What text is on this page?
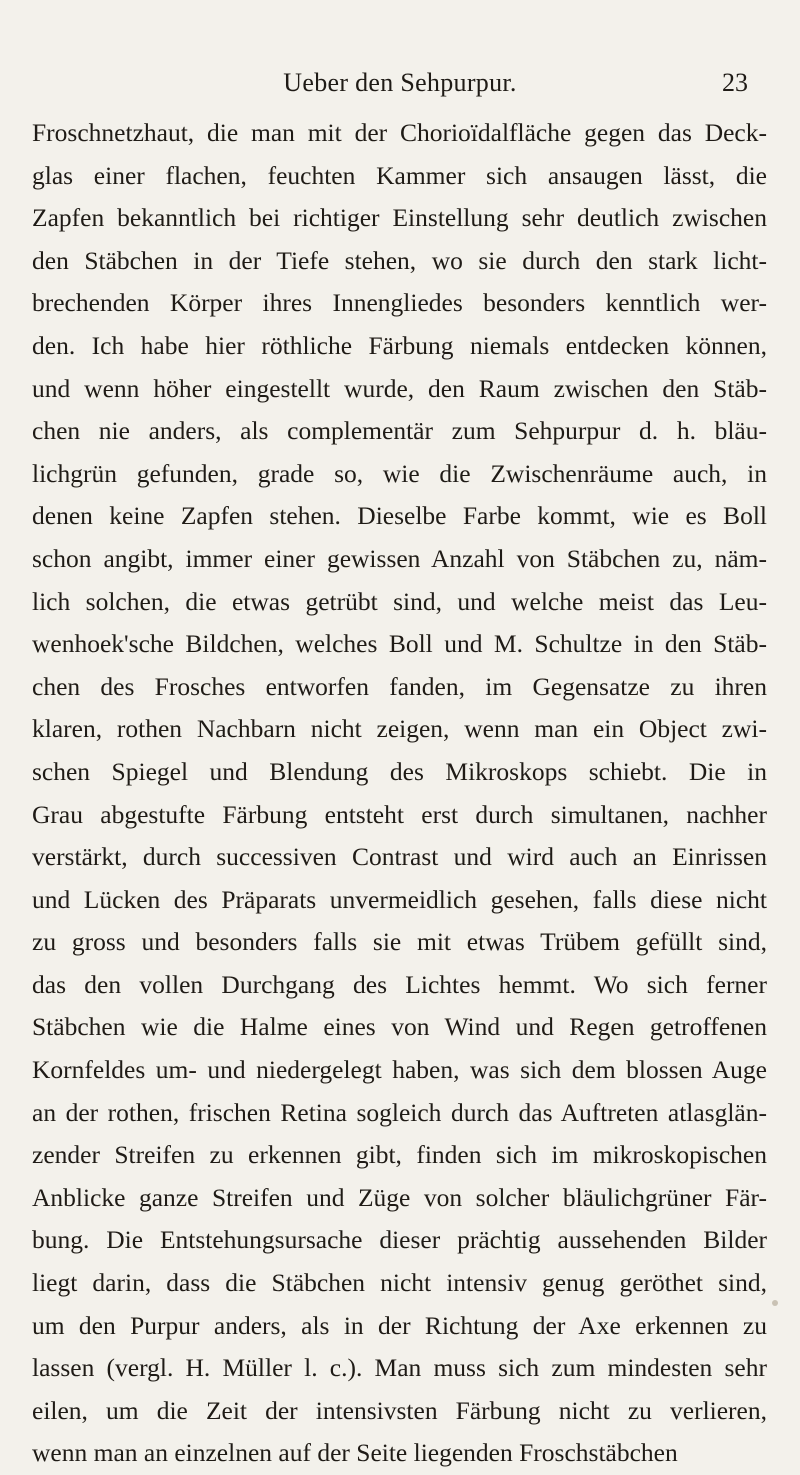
Ueber den Sehpurpur.	23
Froschnetzhaut, die man mit der Chorioïdalfläche gegen das Deck-
glas einer flachen, feuchten Kammer sich ansaugen lässt, die
Zapfen bekanntlich bei richtiger Einstellung sehr deutlich zwischen
den Stäbchen in der Tiefe stehen, wo sie durch den stark licht-
brechenden Körper ihres Innengliedes besonders kenntlich wer-
den. Ich habe hier röthliche Färbung niemals entdecken können,
und wenn höher eingestellt wurde, den Raum zwischen den Stäb-
chen nie anders, als complementär zum Sehpurpur d. h. bläu-
lichgrün gefunden, grade so, wie die Zwischenräume auch, in
denen keine Zapfen stehen. Dieselbe Farbe kommt, wie es Boll
schon angibt, immer einer gewissen Anzahl von Stäbchen zu, näm-
lich solchen, die etwas getrübt sind, und welche meist das Leu-
wenhoek'sche Bildchen, welches Boll und M. Schultze in den Stäb-
chen des Frosches entworfen fanden, im Gegensatze zu ihren
klaren, rothen Nachbarn nicht zeigen, wenn man ein Object zwi-
schen Spiegel und Blendung des Mikroskops schiebt. Die in
Grau abgestufte Färbung entsteht erst durch simultanen, nachher
verstärkt, durch successiven Contrast und wird auch an Einrissen
und Lücken des Präparats unvermeidlich gesehen, falls diese nicht
zu gross und besonders falls sie mit etwas Trübem gefüllt sind,
das den vollen Durchgang des Lichtes hemmt. Wo sich ferner
Stäbchen wie die Halme eines von Wind und Regen getroffenen
Kornfeldes um- und niedergelegt haben, was sich dem blossen Auge
an der rothen, frischen Retina sogleich durch das Auftreten atlasglän-
zender Streifen zu erkennen gibt, finden sich im mikroskopischen
Anblicke ganze Streifen und Züge von solcher bläulichgrüner Fär-
bung. Die Entstehungsursache dieser prächtig aussehenden Bilder
liegt darin, dass die Stäbchen nicht intensiv genug geröthet sind,
um den Purpur anders, als in der Richtung der Axe erkennen zu
lassen (vergl. H. Müller l. c.). Man muss sich zum mindesten sehr
eilen, um die Zeit der intensivsten Färbung nicht zu verlieren,
wenn man an einzelnen auf der Seite liegenden Froschstäbchen
